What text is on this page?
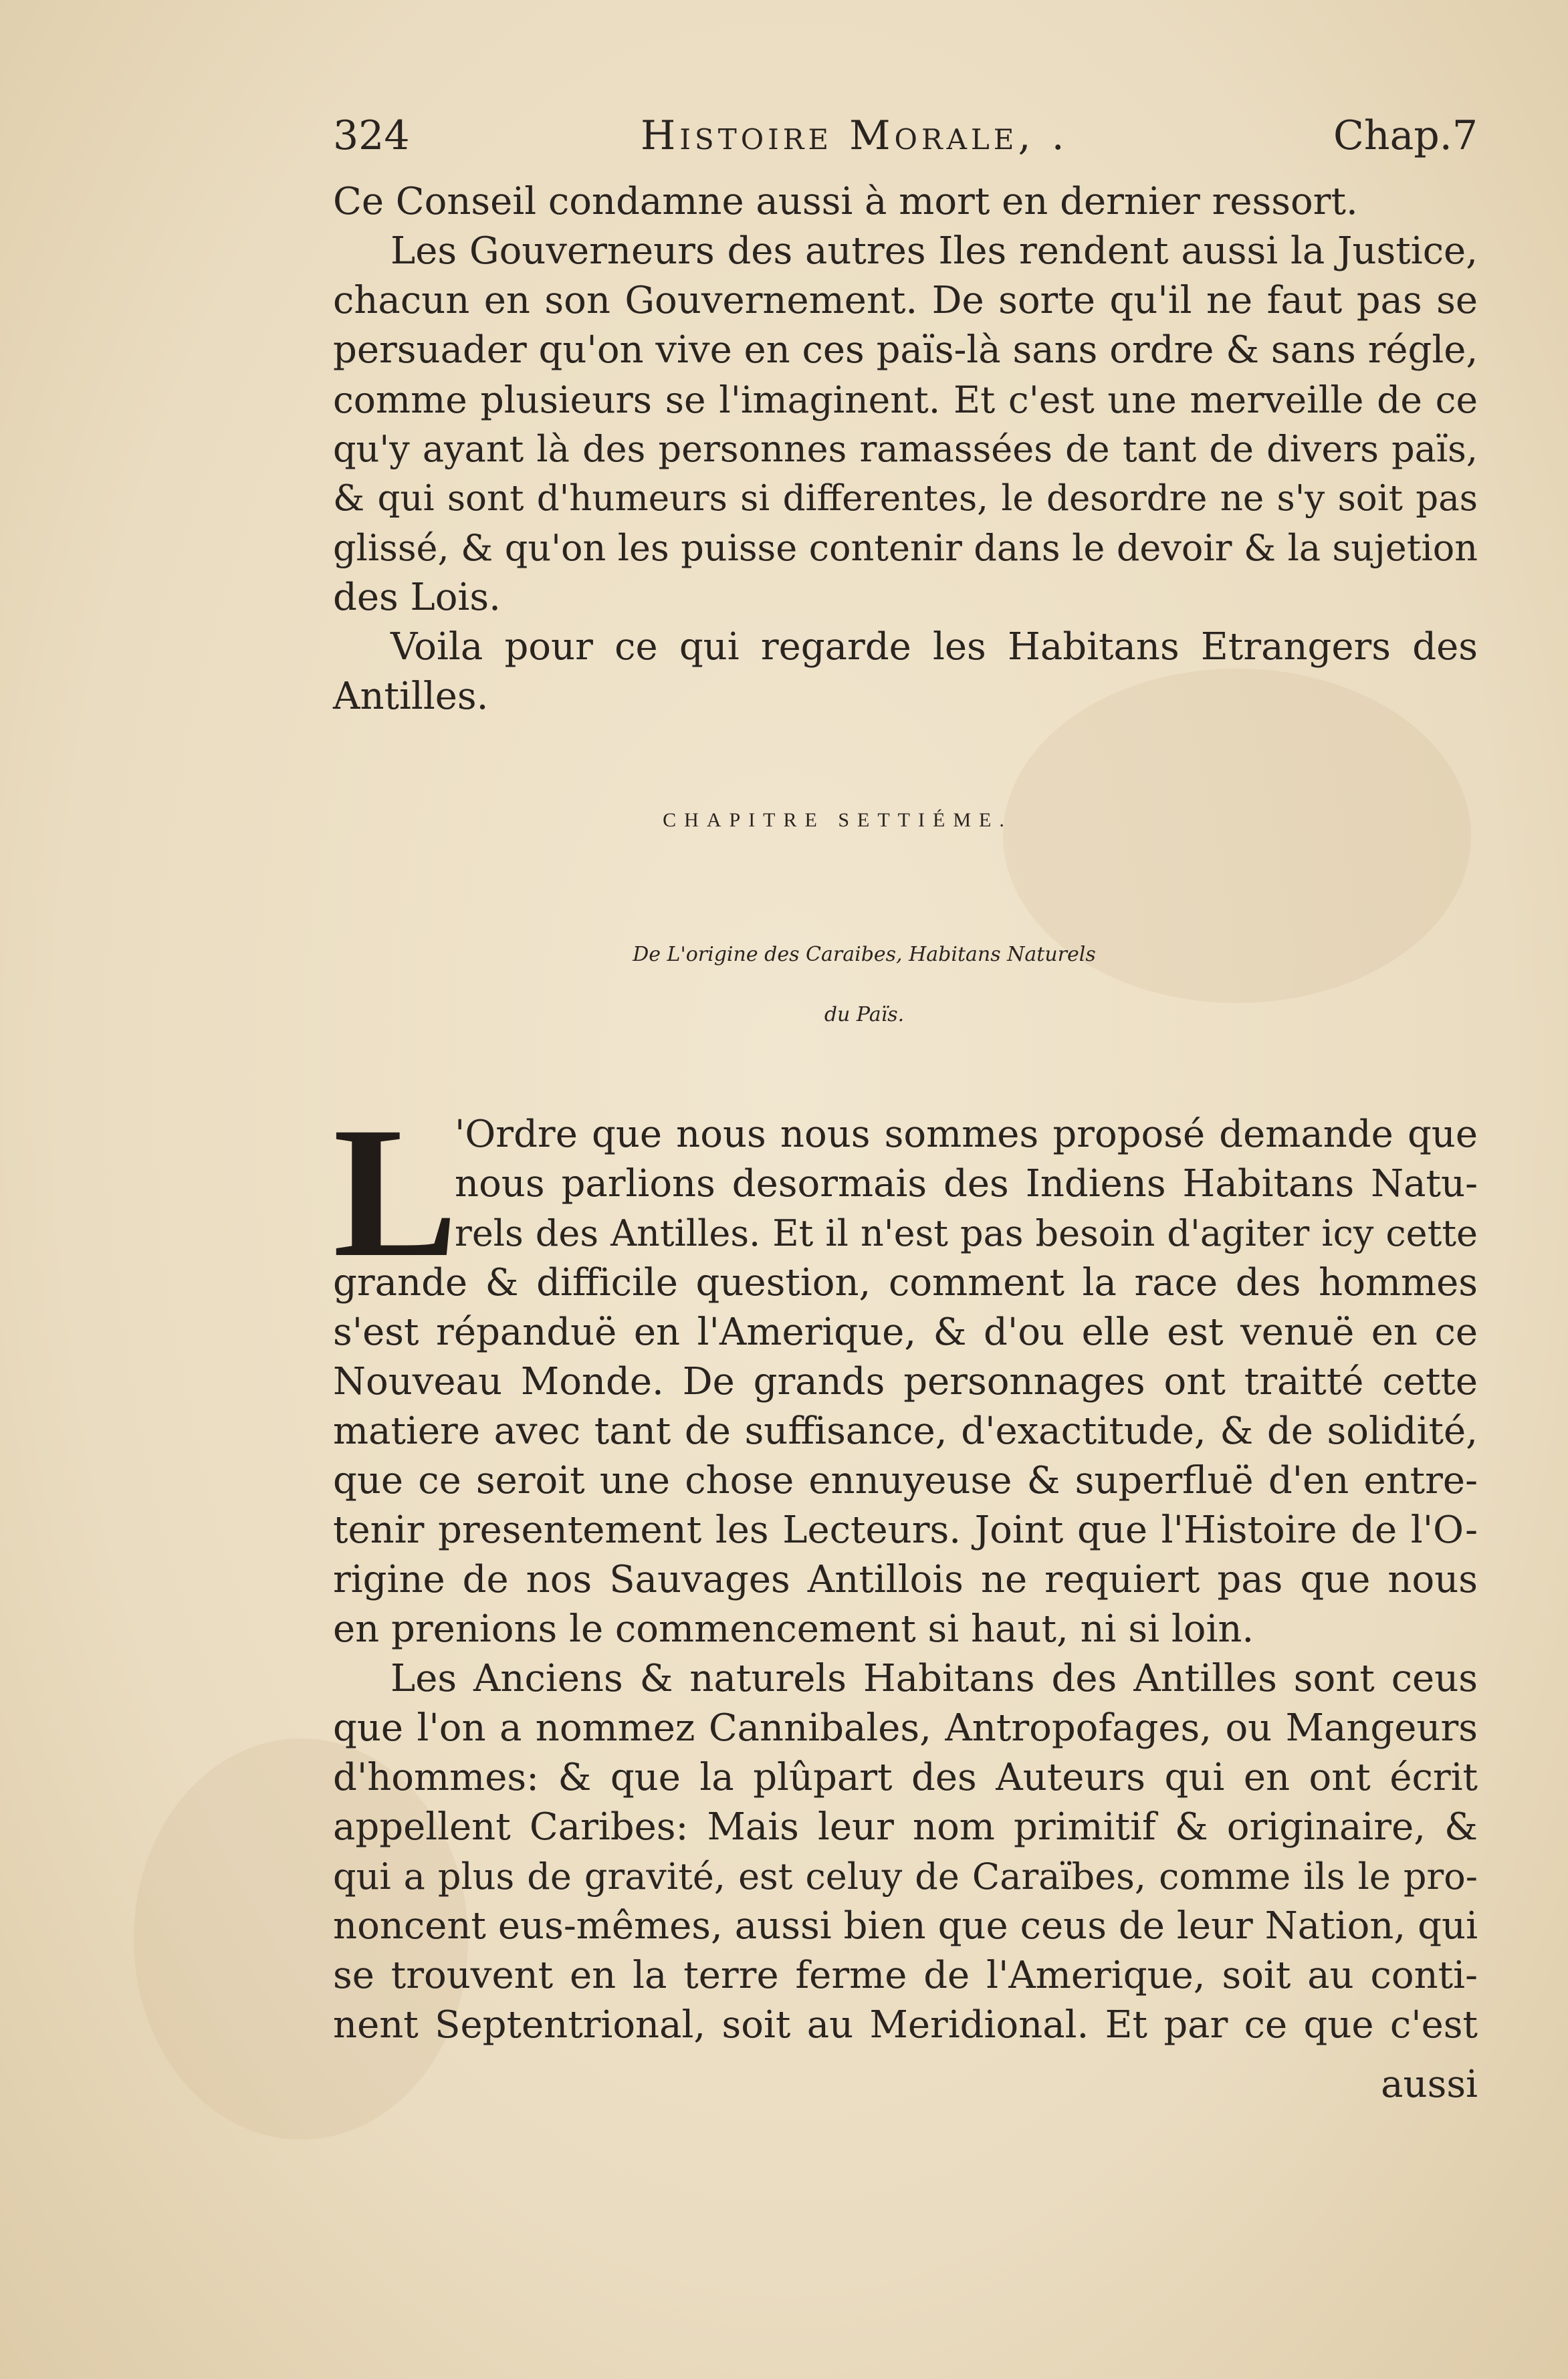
324	Histoire Morale, .	Chap.7
Ce Conseil condamne aussi à mort en dernier ressort.
Les Gouverneurs des autres Iles rendent aussi la Justice,
chacun en son Gouvernement. De sorte qu'il ne faut pas se
persuader qu'on vive en ces païs-là sans ordre & sans régle,
comme plusieurs se l'imaginent. Et c'est une merveille de ce
qu'y ayant là des personnes ramassées de tant de divers païs,
& qui sont d'humeurs si differentes, le desordre ne s'y soit pas
glissé, & qu'on les puisse contenir dans le devoir & la sujetion
des Lois.
Voila pour ce qui regarde les Habitans Etrangers des
Antilles.
CHAPITRE SETTIÉME.
De L'origine des Caraibes, Habitans Naturels
du Païs.
L
'Ordre que nous nous sommes proposé demande que
nous parlions desormais des Indiens Habitans Natu-
rels des Antilles. Et il n'est pas besoin d'agiter icy cette
grande & difficile question, comment la race des hommes
s'est répanduë en l'Amerique, & d'ou elle est venuë en ce
Nouveau Monde. De grands personnages ont traitté cette
matiere avec tant de suffisance, d'exactitude, & de solidité,
que ce seroit une chose ennuyeuse & superfluë d'en entre-
tenir presentement les Lecteurs. Joint que l'Histoire de l'O-
rigine de nos Sauvages Antillois ne requiert pas que nous
en prenions le commencement si haut, ni si loin.
Les Anciens & naturels Habitans des Antilles sont ceus
que l'on a nommez Cannibales, Antropofages, ou Mangeurs
d'hommes: & que la plûpart des Auteurs qui en ont écrit
appellent Caribes: Mais leur nom primitif & originaire, &
qui a plus de gravité, est celuy de Caraïbes, comme ils le pro-
noncent eus-mêmes, aussi bien que ceus de leur Nation, qui
se trouvent en la terre ferme de l'Amerique, soit au conti-
nent Septentrional, soit au Meridional. Et par ce que c'est
aussi
